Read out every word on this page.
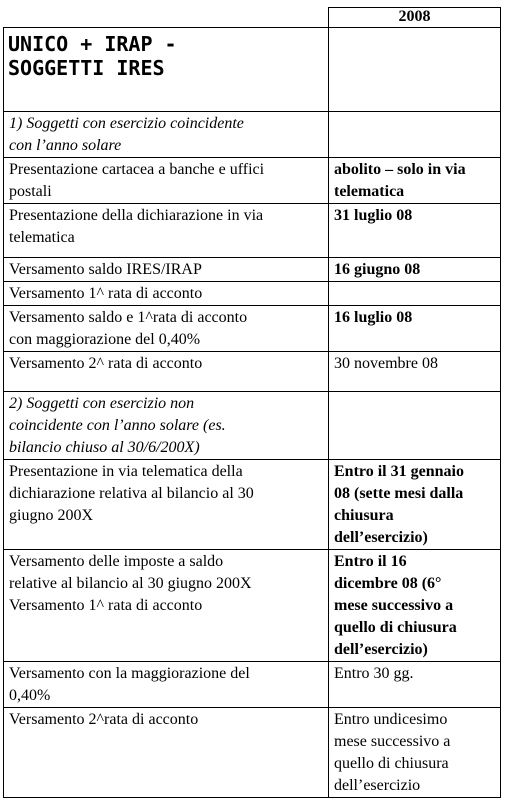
	2008

UNICO + IRAP -
SOGGETTI IRES	

1) Soggetti con esercizio coincidente
con l’anno solare	

Presentazione cartacea a banche e uffici
postali	abolito – solo in via
telematica

Presentazione della dichiarazione in via
telematica	31 luglio 08

Versamento saldo IRES/IRAP	16 giugno 08

Versamento 1^ rata di acconto	

Versamento saldo e 1^rata di acconto
con maggiorazione del 0,40%	16 luglio 08

Versamento 2^ rata di acconto	30 novembre 08

2) Soggetti con esercizio non
coincidente con l’anno solare (es.
bilancio chiuso al 30/6/200X)	

Presentazione in via telematica della
dichiarazione relativa al bilancio al 30
giugno 200X	Entro il 31 gennaio
08 (sette mesi dalla
chiusura
dell’esercizio)

Versamento delle imposte a saldo
relative al bilancio al 30 giugno 200X
Versamento 1^ rata di acconto	Entro il 16
dicembre 08 (6°
mese successivo a
quello di chiusura
dell’esercizio)

Versamento con la maggiorazione del
0,40%	Entro 30 gg.

Versamento 2^rata di acconto	Entro undicesimo
mese successivo a
quello di chiusura
dell’esercizio
